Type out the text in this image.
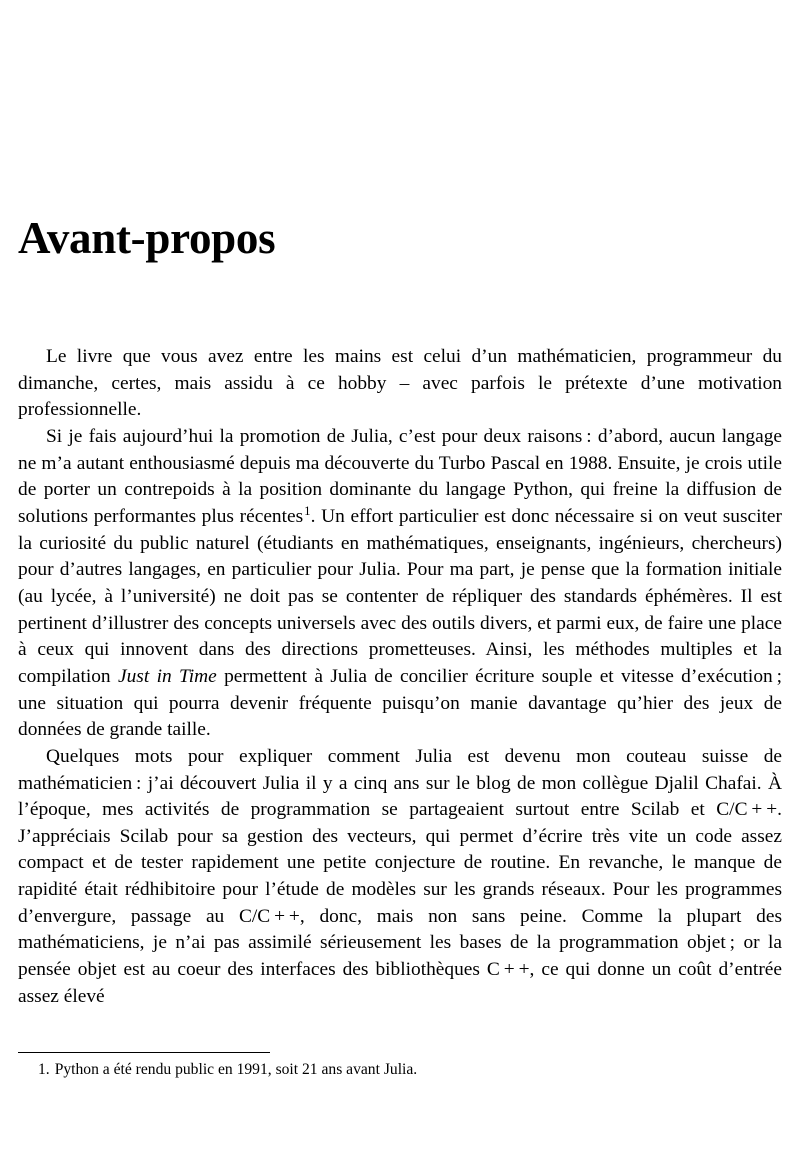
Avant-propos

Le livre que vous avez entre les mains est celui d’un mathématicien, programmeur du dimanche, certes, mais assidu à ce hobby – avec parfois le prétexte d’une motivation professionnelle.

Si je fais aujourd’hui la promotion de Julia, c’est pour deux raisons : d’abord, aucun langage ne m’a autant enthousiasmé depuis ma découverte du Turbo Pascal en 1988. Ensuite, je crois utile de porter un contrepoids à la position dominante du langage Python, qui freine la diffusion de solutions performantes plus récentes$^1$. Un effort particulier est donc nécessaire si on veut susciter la curiosité du public naturel (étudiants en mathématiques, enseignants, ingénieurs, chercheurs) pour d’autres langages, en particulier pour Julia. Pour ma part, je pense que la formation initiale (au lycée, à l’université) ne doit pas se contenter de répliquer des standards éphémères. Il est pertinent d’illustrer des concepts universels avec des outils divers, et parmi eux, de faire une place à ceux qui innovent dans des directions prometteuses. Ainsi, les méthodes multiples et la compilation Just in Time permettent à Julia de concilier écriture souple et vitesse d’exécution ; une situation qui pourra devenir fréquente puisqu’on manie davantage qu’hier des jeux de données de grande taille.

Quelques mots pour expliquer comment Julia est devenu mon couteau suisse de mathématicien : j’ai découvert Julia il y a cinq ans sur le blog de mon collègue Djalil Chafai. À l’époque, mes activités de programmation se partageaient surtout entre Scilab et C/C + +. J’appréciais Scilab pour sa gestion des vecteurs, qui permet d’écrire très vite un code assez compact et de tester rapidement une petite conjecture de routine. En revanche, le manque de rapidité était rédhibitoire pour l’étude de modèles sur les grands réseaux. Pour les programmes d’envergure, passage au C/C + +, donc, mais non sans peine. Comme la plupart des mathématiciens, je n’ai pas assimilé sérieusement les bases de la programmation objet ; or la pensée objet est au coeur des interfaces des bibliothèques C + +, ce qui donne un coût d’entrée assez élevé

1. Python a été rendu public en 1991, soit 21 ans avant Julia.
